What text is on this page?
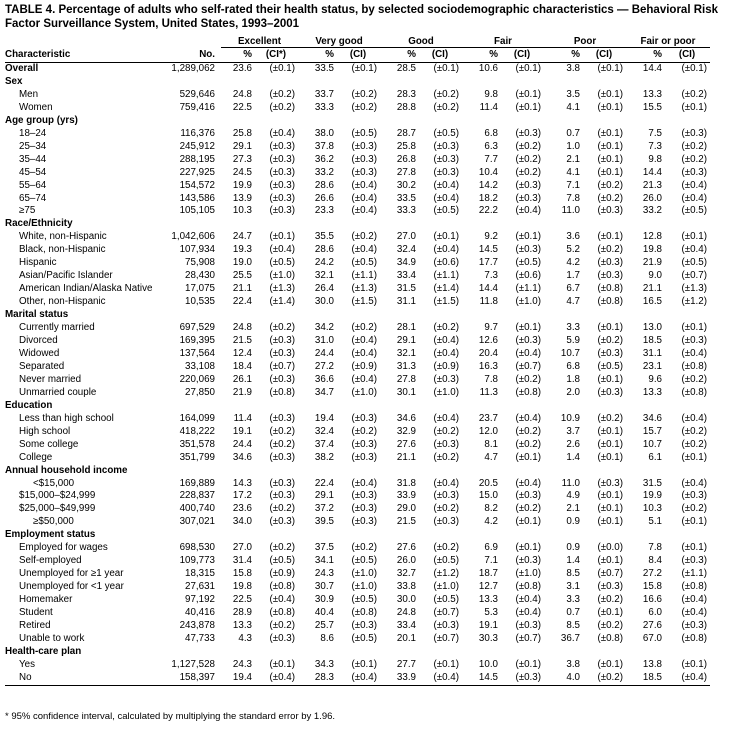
TABLE 4. Percentage of adults who self-rated their health status, by selected sociodemographic characteristics — Behavioral Risk Factor Surveillance System, United States, 1993–2001
		Excellent		Very good		Good		Fair		Poor		Fair or poor	
Characteristic	No.	%	(CI*)	%	(CI)	%	(CI)	%	(CI)	%	(CI)	%	(CI)
Overall	1,289,062	23.6	(±0.1)	33.5	(±0.1)	28.5	(±0.1)	10.6	(±0.1)	3.8	(±0.1)	14.4	(±0.1)
Sex													
Men	529,646	24.8	(±0.2)	33.7	(±0.2)	28.3	(±0.2)	9.8	(±0.1)	3.5	(±0.1)	13.3	(±0.2)
Women	759,416	22.5	(±0.2)	33.3	(±0.2)	28.8	(±0.2)	11.4	(±0.1)	4.1	(±0.1)	15.5	(±0.1)
Age group (yrs)													
18–24	116,376	25.8	(±0.4)	38.0	(±0.5)	28.7	(±0.5)	6.8	(±0.3)	0.7	(±0.1)	7.5	(±0.3)
25–34	245,912	29.1	(±0.3)	37.8	(±0.3)	25.8	(±0.3)	6.3	(±0.2)	1.0	(±0.1)	7.3	(±0.2)
35–44	288,195	27.3	(±0.3)	36.2	(±0.3)	26.8	(±0.3)	7.7	(±0.2)	2.1	(±0.1)	9.8	(±0.2)
45–54	227,925	24.5	(±0.3)	33.2	(±0.3)	27.8	(±0.3)	10.4	(±0.2)	4.1	(±0.1)	14.4	(±0.3)
55–64	154,572	19.9	(±0.3)	28.6	(±0.4)	30.2	(±0.4)	14.2	(±0.3)	7.1	(±0.2)	21.3	(±0.4)
65–74	143,586	13.9	(±0.3)	26.6	(±0.4)	33.5	(±0.4)	18.2	(±0.3)	7.8	(±0.2)	26.0	(±0.4)
≥75	105,105	10.3	(±0.3)	23.3	(±0.4)	33.3	(±0.5)	22.2	(±0.4)	11.0	(±0.3)	33.2	(±0.5)
Race/Ethnicity													
White, non-Hispanic	1,042,606	24.7	(±0.1)	35.5	(±0.2)	27.0	(±0.1)	9.2	(±0.1)	3.6	(±0.1)	12.8	(±0.1)
Black, non-Hispanic	107,934	19.3	(±0.4)	28.6	(±0.4)	32.4	(±0.4)	14.5	(±0.3)	5.2	(±0.2)	19.8	(±0.4)
Hispanic	75,908	19.0	(±0.5)	24.2	(±0.5)	34.9	(±0.6)	17.7	(±0.5)	4.2	(±0.3)	21.9	(±0.5)
Asian/Pacific Islander	28,430	25.5	(±1.0)	32.1	(±1.1)	33.4	(±1.1)	7.3	(±0.6)	1.7	(±0.3)	9.0	(±0.7)
American Indian/Alaska Native	17,075	21.1	(±1.3)	26.4	(±1.3)	31.5	(±1.4)	14.4	(±1.1)	6.7	(±0.8)	21.1	(±1.3)
Other, non-Hispanic	10,535	22.4	(±1.4)	30.0	(±1.5)	31.1	(±1.5)	11.8	(±1.0)	4.7	(±0.8)	16.5	(±1.2)
Marital status													
Currently married	697,529	24.8	(±0.2)	34.2	(±0.2)	28.1	(±0.2)	9.7	(±0.1)	3.3	(±0.1)	13.0	(±0.1)
Divorced	169,395	21.5	(±0.3)	31.0	(±0.4)	29.1	(±0.4)	12.6	(±0.3)	5.9	(±0.2)	18.5	(±0.3)
Widowed	137,564	12.4	(±0.3)	24.4	(±0.4)	32.1	(±0.4)	20.4	(±0.4)	10.7	(±0.3)	31.1	(±0.4)
Separated	33,108	18.4	(±0.7)	27.2	(±0.9)	31.3	(±0.9)	16.3	(±0.7)	6.8	(±0.5)	23.1	(±0.8)
Never married	220,069	26.1	(±0.3)	36.6	(±0.4)	27.8	(±0.3)	7.8	(±0.2)	1.8	(±0.1)	9.6	(±0.2)
Unmarried couple	27,850	21.9	(±0.8)	34.7	(±1.0)	30.1	(±1.0)	11.3	(±0.8)	2.0	(±0.3)	13.3	(±0.8)
Education													
Less than high school	164,099	11.4	(±0.3)	19.4	(±0.3)	34.6	(±0.4)	23.7	(±0.4)	10.9	(±0.2)	34.6	(±0.4)
High school	418,222	19.1	(±0.2)	32.4	(±0.2)	32.9	(±0.2)	12.0	(±0.2)	3.7	(±0.1)	15.7	(±0.2)
Some college	351,578	24.4	(±0.2)	37.4	(±0.3)	27.6	(±0.3)	8.1	(±0.2)	2.6	(±0.1)	10.7	(±0.2)
College	351,799	34.6	(±0.3)	38.2	(±0.3)	21.1	(±0.2)	4.7	(±0.1)	1.4	(±0.1)	6.1	(±0.1)
Annual household income													
<$15,000	169,889	14.3	(±0.3)	22.4	(±0.4)	31.8	(±0.4)	20.5	(±0.4)	11.0	(±0.3)	31.5	(±0.4)
$15,000–$24,999	228,837	17.2	(±0.3)	29.1	(±0.3)	33.9	(±0.3)	15.0	(±0.3)	4.9	(±0.1)	19.9	(±0.3)
$25,000–$49,999	400,740	23.6	(±0.2)	37.2	(±0.3)	29.0	(±0.2)	8.2	(±0.2)	2.1	(±0.1)	10.3	(±0.2)
≥$50,000	307,021	34.0	(±0.3)	39.5	(±0.3)	21.5	(±0.3)	4.2	(±0.1)	0.9	(±0.1)	5.1	(±0.1)
Employment status													
Employed for wages	698,530	27.0	(±0.2)	37.5	(±0.2)	27.6	(±0.2)	6.9	(±0.1)	0.9	(±0.0)	7.8	(±0.1)
Self-employed	109,773	31.4	(±0.5)	34.1	(±0.5)	26.0	(±0.5)	7.1	(±0.3)	1.4	(±0.1)	8.4	(±0.3)
Unemployed for ≥1 year	18,315	15.8	(±0.9)	24.3	(±1.0)	32.7	(±1.2)	18.7	(±1.0)	8.5	(±0.7)	27.2	(±1.1)
Unemployed for <1 year	27,631	19.8	(±0.8)	30.7	(±1.0)	33.8	(±1.0)	12.7	(±0.8)	3.1	(±0.3)	15.8	(±0.8)
Homemaker	97,192	22.5	(±0.4)	30.9	(±0.5)	30.0	(±0.5)	13.3	(±0.4)	3.3	(±0.2)	16.6	(±0.4)
Student	40,416	28.9	(±0.8)	40.4	(±0.8)	24.8	(±0.7)	5.3	(±0.4)	0.7	(±0.1)	6.0	(±0.4)
Retired	243,878	13.3	(±0.2)	25.7	(±0.3)	33.4	(±0.3)	19.1	(±0.3)	8.5	(±0.2)	27.6	(±0.3)
Unable to work	47,733	4.3	(±0.3)	8.6	(±0.5)	20.1	(±0.7)	30.3	(±0.7)	36.7	(±0.8)	67.0	(±0.8)
Health-care plan													
Yes	1,127,528	24.3	(±0.1)	34.3	(±0.1)	27.7	(±0.1)	10.0	(±0.1)	3.8	(±0.1)	13.8	(±0.1)
No	158,397	19.4	(±0.4)	28.3	(±0.4)	33.9	(±0.4)	14.5	(±0.3)	4.0	(±0.2)	18.5	(±0.4)
* 95% confidence interval, calculated by multiplying the standard error by 1.96.
